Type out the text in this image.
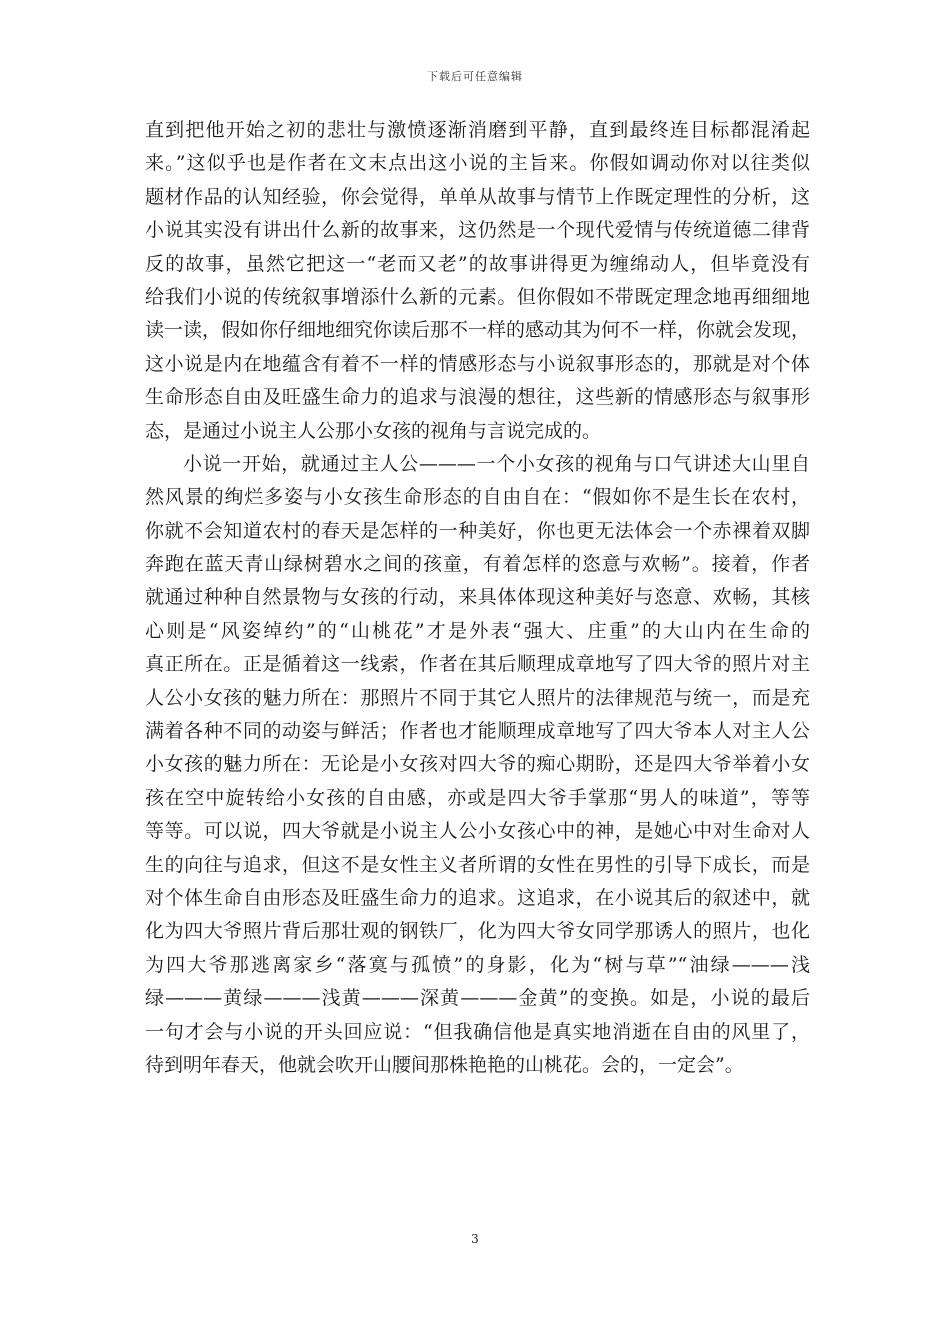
下载后可任意编辑
直到把他开始之初的悲壮与激愤逐渐消磨到平静，直到最终连目标都混淆起
来。”这似乎也是作者在文末点出这小说的主旨来。你假如调动你对以往类似
题材作品的认知经验，你会觉得，单单从故事与情节上作既定理性的分析，这
小说其实没有讲出什么新的故事来，这仍然是一个现代爱情与传统道德二律背
反的故事，虽然它把这一“老而又老”的故事讲得更为缠绵动人，但毕竟没有
给我们小说的传统叙事增添什么新的元素。但你假如不带既定理念地再细细地
读一读，假如你仔细地细究你读后那不一样的感动其为何不一样，你就会发现，
这小说是内在地蕴含有着不一样的情感形态与小说叙事形态的，那就是对个体
生命形态自由及旺盛生命力的追求与浪漫的想往，这些新的情感形态与叙事形
态，是通过小说主人公那小女孩的视角与言说完成的。
小说一开始，就通过主人公———一个小女孩的视角与口气讲述大山里自
然风景的绚烂多姿与小女孩生命形态的自由自在：“假如你不是生长在农村，
你就不会知道农村的春天是怎样的一种美好，你也更无法体会一个赤裸着双脚
奔跑在蓝天青山绿树碧水之间的孩童，有着怎样的恣意与欢畅”。接着，作者
就通过种种自然景物与女孩的行动，来具体体现这种美好与恣意、欢畅，其核
心则是“风姿绰约”的“山桃花”才是外表“强大、庄重”的大山内在生命的
真正所在。正是循着这一线索，作者在其后顺理成章地写了四大爷的照片对主
人公小女孩的魅力所在：那照片不同于其它人照片的法律规范与统一，而是充
满着各种不同的动姿与鲜活；作者也才能顺理成章地写了四大爷本人对主人公
小女孩的魅力所在：无论是小女孩对四大爷的痴心期盼，还是四大爷举着小女
孩在空中旋转给小女孩的自由感，亦或是四大爷手掌那“男人的味道”，等等
等等。可以说，四大爷就是小说主人公小女孩心中的神，是她心中对生命对人
生的向往与追求，但这不是女性主义者所谓的女性在男性的引导下成长，而是
对个体生命自由形态及旺盛生命力的追求。这追求，在小说其后的叙述中，就
化为四大爷照片背后那壮观的钢铁厂，化为四大爷女同学那诱人的照片，也化
为四大爷那逃离家乡“落寞与孤愤”的身影，化为“树与草”“油绿———浅
绿———黄绿———浅黄———深黄———金黄”的变换。如是，小说的最后
一句才会与小说的开头回应说：“但我确信他是真实地消逝在自由的风里了，
待到明年春天，他就会吹开山腰间那株艳艳的山桃花。会的，一定会”。
3
